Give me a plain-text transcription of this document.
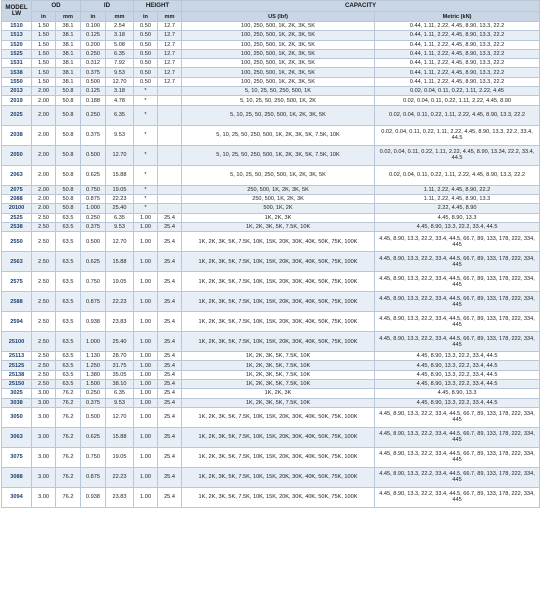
MODEL LW	OD		ID		HEIGHT		CAPACITY	
	in	mm	in	mm	in	mm	US (lbf)	Metric (kN)
1510	1.50	38.1	0.100	2.54	0.50	12.7	100, 250, 500, 1K, 2K, 3K, 5K	0.44, 1.11, 2.22, 4.45, 8.90, 13.3, 22.2
1513	1.50	38.1	0.125	3.18	0.50	12.7	100, 250, 500, 1K, 2K, 3K, 5K	0.44, 1.11, 2.22, 4.45, 8.90, 13.3, 22.2
1520	1.50	38.1	0.200	5.08	0.50	12.7	100, 250, 500, 1K, 2K, 3K, 5K	0.44, 1.11, 2.22, 4.45, 8.90, 13.3, 22.2
1525	1.50	38.1	0.250	6.35	0.50	12.7	100, 250, 500, 1K, 2K, 3K, 5K	0.44, 1.11, 2.22, 4.45, 8.90, 13.3, 22.2
1531	1.50	38.1	0.312	7.92	0.50	12.7	100, 250, 500, 1K, 2K, 3K, 5K	0.44, 1.11, 2.22, 4.45, 8.90, 13.3, 22.2
1538	1.50	38.1	0.375	9.53	0.50	12.7	100, 250, 500, 1K, 2K, 3K, 5K	0.44, 1.11, 2.22, 4.45, 8.90, 13.3, 22.2
1550	1.50	38.1	0.500	12.70	0.50	12.7	100, 250, 500, 1K, 2K, 3K, 5K	0.44, 1.11, 2.22, 4.45, 8.90, 13.3, 22.2
2013	2.00	50.8	0.125	3.18	*		5, 10, 25, 50, 250, 500, 1K	0.02, 0.04, 0.11, 0.22, 1.11, 2.22, 4.45
2019	2.00	50.8	0.188	4.78	*		5, 10, 25, 50, 250, 500, 1K, 2K	0.02, 0.04, 0.11, 0.22, 1.11, 2.22, 4.45, 8.90
2025	2.00	50.8	0.250	6.35	*		5, 10, 25, 50, 250, 500, 1K, 2K, 3K, 5K	0.02, 0.04, 0.11, 0.22, 1.11, 2.22, 4.45, 8.90, 13.3, 22.2
2038	2.00	50.8	0.375	9.53	*		5, 10, 25, 50, 250, 500, 1K, 2K, 3K, 5K, 7.5K, 10K	0.02, 0.04, 0.11, 0.22, 1.11, 2.22, 4.45, 8.90, 13.3, 22.2, 33.4, 44.5
2050	2.00	50.8	0.500	12.70	*		5, 10, 25, 50, 250, 500, 1K, 2K, 3K, 5K, 7.5K, 10K	0.02, 0.04, 0.11, 0.22, 1.11, 2.22, 4.45, 8.90, 13.34, 22.2, 33.4, 44.5
2063	2.00	50.8	0.625	15.88	*		5, 10, 25, 50, 250, 500, 1K, 2K, 3K, 5K	0.02, 0.04, 0.11, 0.22, 1.11, 2.22, 4.45, 8.90, 13.3, 22.2
2075	2.00	50.8	0.750	19.05	*		250, 500, 1K, 2K, 3K, 5K	1.11, 2.22, 4.45, 8.90, 22.2
2088	2.00	50.8	0.875	22.23	*		250, 500, 1K, 2K, 3K	1.11, 2.22, 4.45, 8.90, 13.3
20100	2.00	50.8	1.000	25.40	*		500, 1K, 2K	2.22, 4.45, 8.90
2525	2.50	63.5	0.250	6.35	1.00	25.4	1K, 2K, 3K	4.45, 8.90, 13.3
2538	2.50	63.5	0.375	9.53	1.00	25.4	1K, 2K, 3K, 5K, 7.5K, 10K	4.45, 8.90, 13.3, 22.2, 33.4, 44.5
2550	2.50	63.5	0.500	12.70	1.00	25.4	1K, 2K, 3K, 5K, 7.5K, 10K, 15K, 20K, 30K, 40K, 50K, 75K, 100K	4.45, 8.90, 13.3, 22.2, 33.4, 44.5, 66.7, 89, 133, 178, 222, 334, 445
2563	2.50	63.5	0.625	15.88	1.00	25.4	1K, 2K, 3K, 5K, 7.5K, 10K, 15K, 20K, 30K, 40K, 50K, 75K, 100K	4.45, 8.90, 13.3, 22.2, 33.4, 44.5, 66.7, 89, 133, 178, 222, 334, 445
2575	2.50	63.5	0.750	19.05	1.00	25.4	1K, 2K, 3K, 5K, 7.5K, 10K, 15K, 20K, 30K, 40K, 50K, 75K, 100K	4.45, 8.90, 13.3, 22.2, 33.4, 44.5, 66.7, 89, 133, 178, 222, 334, 445
2588	2.50	63.5	0.875	22.23	1.00	25.4	1K, 2K, 3K, 5K, 7.5K, 10K, 15K, 20K, 30K, 40K, 50K, 75K, 100K	4.45, 8.90, 13.3, 22.2, 33.4, 44.5, 66.7, 89, 133, 178, 222, 334, 445
2594	2.50	63.5	0.938	23.83	1.00	25.4	1K, 2K, 3K, 5K, 7.5K, 10K, 15K, 20K, 30K, 40K, 50K, 75K, 100K	4.45, 8.90, 13.3, 22.2, 33.4, 44.5, 66.7, 89, 133, 178, 222, 334, 445
25100	2.50	63.5	1.000	25.40	1.00	25.4	1K, 2K, 3K, 5K, 7.5K, 10K, 15K, 20K, 30K, 40K, 50K, 75K, 100K	4.45, 8.90, 13.3, 22.2, 33.4, 44.5, 66.7, 89, 133, 178, 222, 334, 445
25113	2.50	63.5	1.130	28.70	1.00	25.4	1K, 2K, 3K, 5K, 7.5K, 10K	4.45, 8.90, 13.3, 22.2, 33.4, 44.5
25125	2.50	63.5	1.250	31.75	1.00	25.4	1K, 2K, 3K, 5K, 7.5K, 10K	4.45, 8.90, 13.3, 22.2, 33.4, 44.5
25138	2.50	63.5	1.380	35.05	1.00	25.4	1K, 2K, 3K, 5K, 7.5K, 10K	4.45, 8.90, 13.3, 22.2, 33.4, 44.5
25150	2.50	63.5	1.500	38.10	1.00	25.4	1K, 2K, 3K, 5K, 7.5K, 10K	4.45, 8.90, 13.3, 22.2, 33.4, 44.5
3025	3.00	76.2	0.250	6.35	1.00	25.4	1K, 2K, 3K	4.45, 8.90, 13.3
3038	3.00	76.2	0.375	9.53	1.00	25.4	1K, 2K, 3K, 5K, 7.5K, 10K	4.45, 8.90, 13.3, 22.2, 33.4, 44.5
3050	3.00	76.2	0.500	12.70	1.00	25.4	1K, 2K, 3K, 5K, 7.5K, 10K, 15K, 20K, 30K, 40K, 50K, 75K, 100K	4.45, 8.90, 13.3, 22.2, 33.4, 44.5, 66.7, 89, 133, 178, 222, 334, 445
3063	3.00	76.2	0.625	15.88	1.00	25.4	1K, 2K, 3K, 5K, 7.5K, 10K, 15K, 20K, 30K, 40K, 50K, 75K, 100K	4.45, 8.90, 13.3, 22.2, 33.4, 44.5, 66.7, 89, 133, 178, 222, 334, 445
3075	3.00	76.2	0.750	19.05	1.00	25.4	1K, 2K, 3K, 5K, 7.5K, 10K, 15K, 20K, 30K, 40K, 50K, 75K, 100K	4.45, 8.90, 13.3, 22.2, 33.4, 44.5, 66.7, 89, 133, 178, 222, 334, 445
3088	3.00	76.2	0.875	22.23	1.00	25.4	1K, 2K, 3K, 5K, 7.5K, 10K, 15K, 20K, 30K, 40K, 50K, 75K, 100K	4.45, 8.90, 13.3, 22.2, 33.4, 44.5, 66.7, 89, 133, 178, 222, 334, 445
3094	3.00	76.2	0.938	23.83	1.00	25.4	1K, 2K, 3K, 5K, 7.5K, 10K, 15K, 20K, 30K, 40K, 50K, 75K, 100K	4.45, 8.90, 13.3, 22.2, 33.4, 44.5, 66.7, 89, 133, 178, 222, 334, 445
